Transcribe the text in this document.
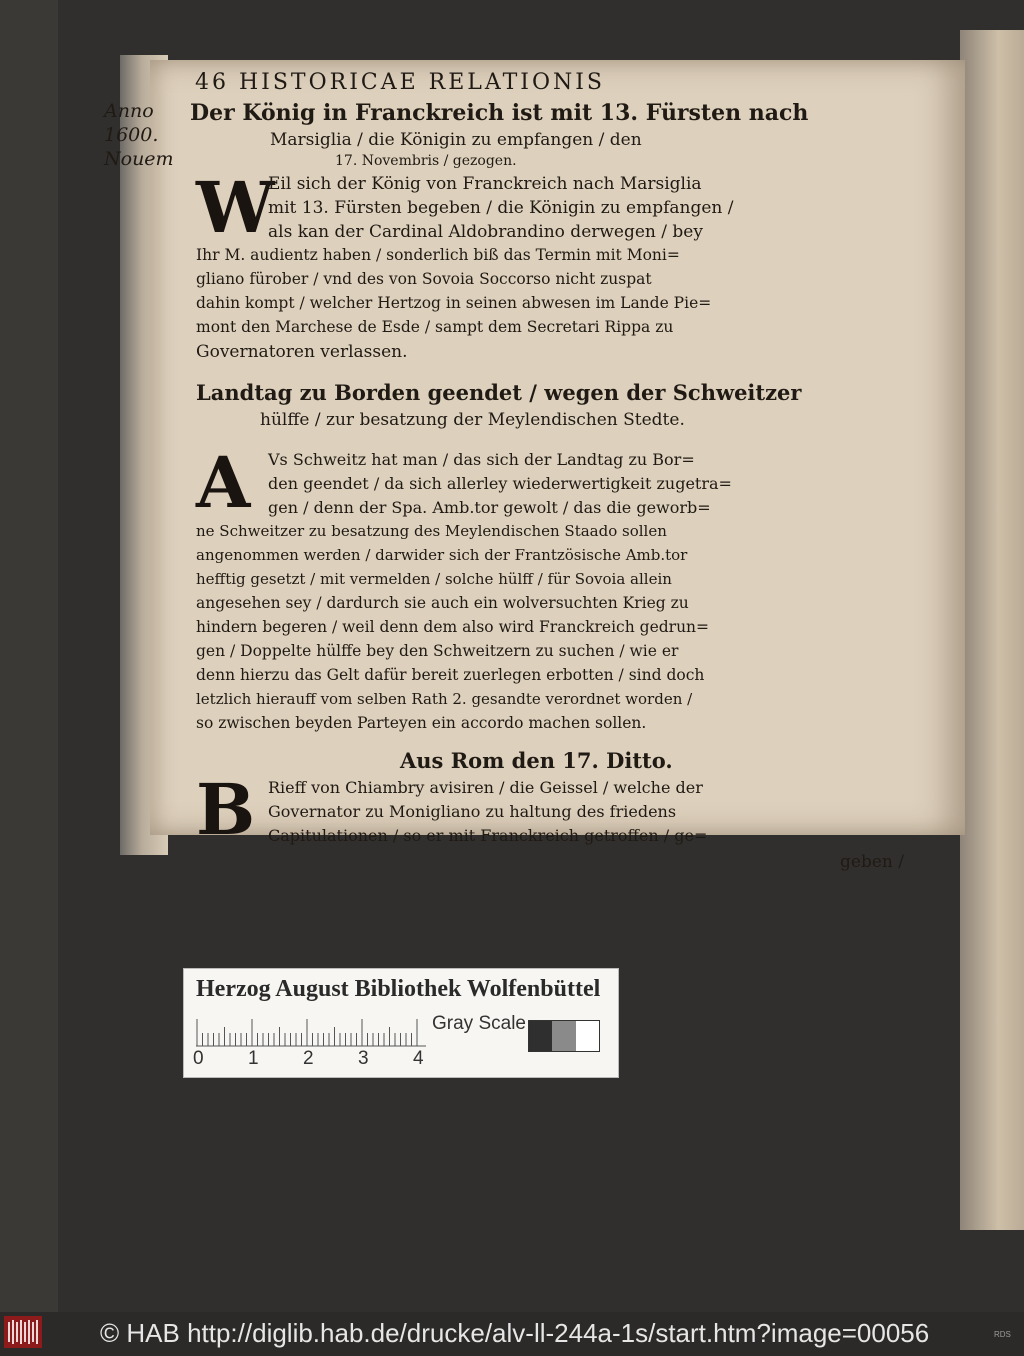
46 HISTORICAE RELATIONIS
Anno
1600.
Nouem
Der König in Franckreich ist mit 13. Fürsten nach
Marsiglia / die Königin zu empfangen / den
17. Novembris / gezogen.
W
Eil sich der König von Franckreich nach Marsiglia
mit 13. Fürsten begeben / die Königin zu empfangen /
als kan der Cardinal Aldobrandino derwegen / bey
Ihr M. audientz haben / sonderlich biß das Termin mit Moni=
gliano fürober / vnd des von Sovoia Soccorso nicht zuspat
dahin kompt / welcher Hertzog in seinen abwesen im Lande Pie=
mont den Marchese de Esde / sampt dem Secretari Rippa zu
Governatoren verlassen.
Landtag zu Borden geendet / wegen der Schweitzer
hülffe / zur besatzung der Meylendischen Stedte.
A Vs Schweitz hat man / das sich der Landtag zu Bor=
den geendet / da sich allerley wiederwertigkeit zugetra=
gen / denn der Spa. Amb.tor gewolt / das die geworb=
ne Schweitzer zu besatzung des Meylendischen Staado sollen
angenommen werden / darwider sich der Frantzösische Amb.tor
hefftig gesetzt / mit vermelden / solche hülff / für Sovoia allein
angesehen sey / dardurch sie auch ein wolversuchten Krieg zu
hindern begeren / weil denn dem also wird Franckreich gedrun=
gen / Doppelte hülffe bey den Schweitzern zu suchen / wie er
denn hierzu das Gelt dafür bereit zuerlegen erbotten / sind doch
letzlich hierauff vom selben Rath 2. gesandte verordnet worden /
so zwischen beyden Parteyen ein accordo machen sollen.
Aus Rom den 17. Ditto.
B Rieff von Chiambry avisiren / die Geissel / welche der
Governator zu Monigliano zu haltung des friedens
Capitulationen / so er mit Franckreich getroffen / ge=
geben /
Herzog August Bibliothek Wolfenbüttel
0 1 2 3 4
Gray Scale
© HAB http://diglib.hab.de/drucke/alv-ll-244a-1s/start.htm?image=00056	RDS
